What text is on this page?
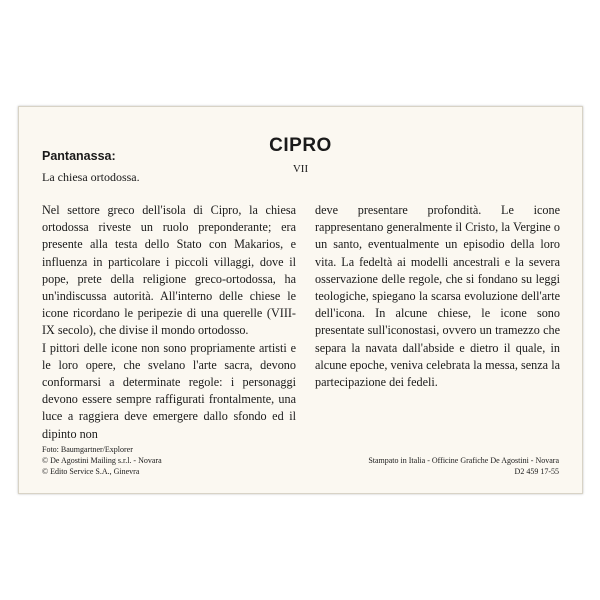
CIPRO
VII
Pantanassa:
La chiesa ortodossa.

Nel settore greco dell'isola di Cipro, la chiesa ortodossa riveste un ruolo preponderante; era presente alla testa dello Stato con Makarios, e influenza in particolare i piccoli villaggi, dove il pope, prete della religione greco-ortodossa, ha un'indiscussa autorità. All'interno delle chiese le icone ricordano le peripezie di una querelle (VIII-IX secolo), che divise il mondo ortodosso.

I pittori delle icone non sono propriamente artisti e le loro opere, che svelano l'arte sacra, devono conformarsi a determinate regole: i personaggi devono essere sempre raffigurati frontalmente, una luce a raggiera deve emergere dallo sfondo ed il dipinto non

deve presentare profondità. Le icone rappresentano generalmente il Cristo, la Vergine o un santo, eventualmente un episodio della loro vita. La fedeltà ai modelli ancestrali e la severa osservazione delle regole, che si fondano su leggi teologiche, spiegano la scarsa evoluzione dell'arte dell'icona. In alcune chiese, le icone sono presentate sull'iconostasi, ovvero un tramezzo che separa la navata dall'abside e dietro il quale, in alcune epoche, veniva celebrata la messa, senza la partecipazione dei fedeli.

Foto: Baumgartner/Explorer
© De Agostini Mailing s.r.l. - Novara
© Edito Service S.A., Ginevra
Stampato in Italia - Officine Grafiche De Agostini - Novara
D2 459 17-55
